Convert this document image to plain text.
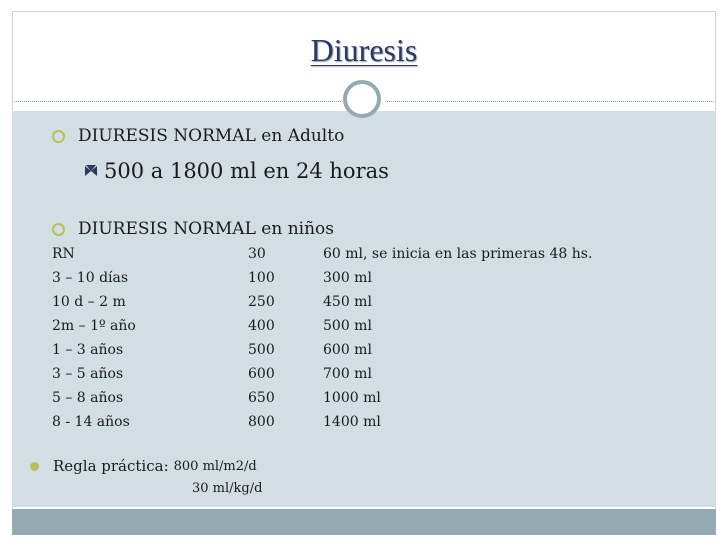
Diuresis
DIURESIS NORMAL en Adulto
500 a 1800 ml en 24 horas
DIURESIS NORMAL en niños
RN	30	60 ml, se inicia en las primeras 48 hs.
3 – 10 días	100	300 ml
10 d – 2 m	250	450 ml
2m – 1º año	400	500 ml
1 – 3 años	500	600 ml
3 – 5 años	600	700 ml
5 – 8 años	650	1000 ml
8 - 14 años	800	1400 ml
Regla práctica: 800 ml/m2/d
30 ml/kg/d
